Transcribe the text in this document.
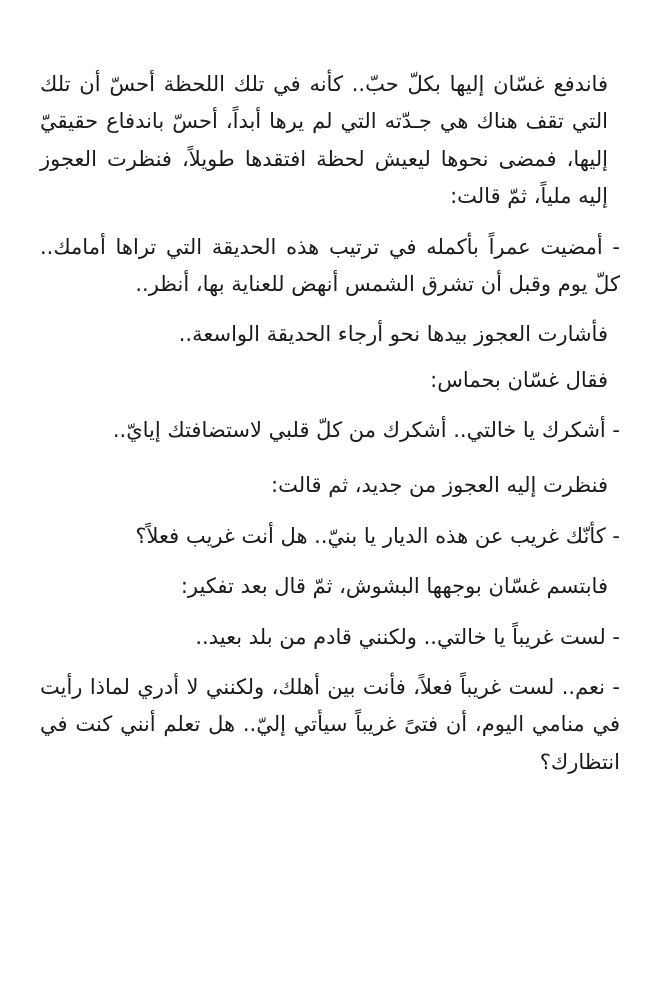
فاندفع غسّان إليها بكلّ حبّ.. كأنه في تلك اللحظة أحسّ أن تلك التي تقف هناك هي جـدّته التي لم يرها أبداً، أحسّ باندفاع حقيقيّ إليها، فمضى نحوها ليعيش لحظة افتقدها طويلاً، فنظرت العجوز إليه ملياً، ثمّ قالت:

- أمضيت عمراً بأكمله في ترتيب هذه الحديقة التي تراها أمامك.. كلّ يوم وقبل أن تشرق الشمس أنهض للعناية بها، أنظر..

فأشارت العجوز بيدها نحو أرجاء الحديقة الواسعة..

فقال غسّان بحماس:

- أشكرك يا خالتي.. أشكرك من كلّ قلبي لاستضافتك إيايّ..

فنظرت إليه العجوز من جديد، ثم قالت:

- كأنّك غريب عن هذه الديار يا بنيّ.. هل أنت غريب فعلاً؟

فابتسم غسّان بوجهها البشوش، ثمّ قال بعد تفكير:

- لست غريباً يا خالتي.. ولكنني قادم من بلد بعيد..

- نعم.. لست غريباً فعلاً، فأنت بين أهلك، ولكنني لا أدري لماذا رأيت في منامي اليوم، أن فتىً غريباً سيأتي إليّ.. هل تعلم أنني كنت في انتظارك؟
